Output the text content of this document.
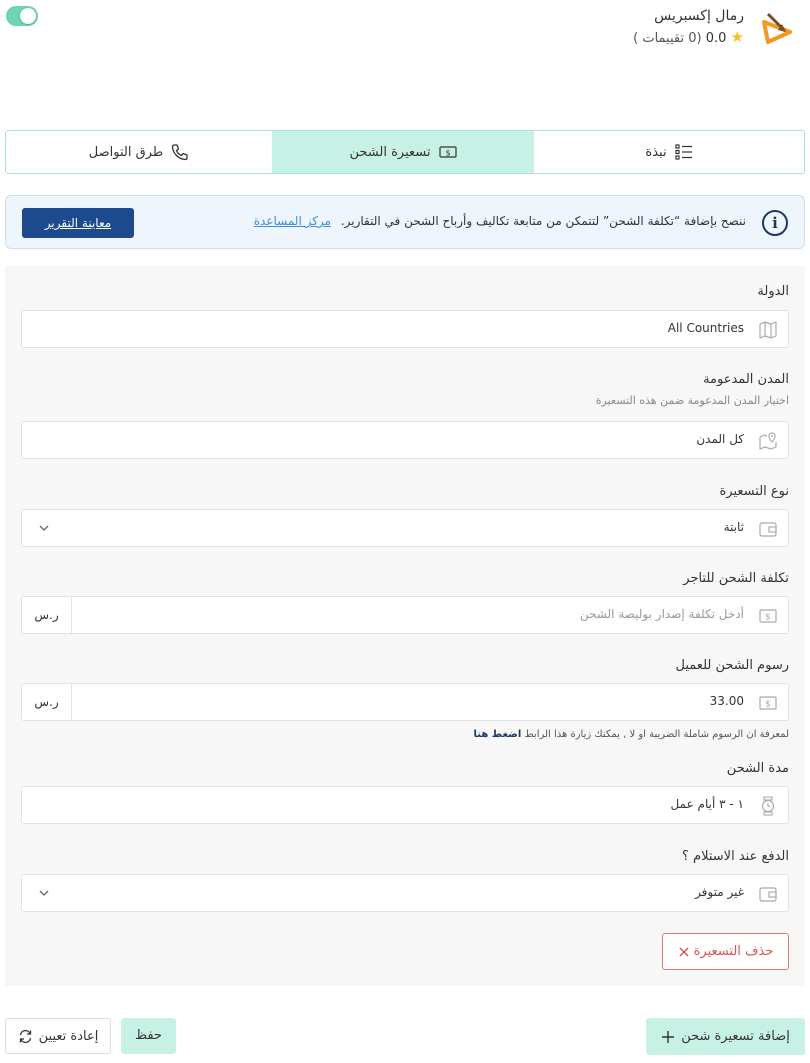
رمال إكسبريس
★ 0.0 (0 تقييمات )
نبذة
$
تسعيرة الشحن
طرق التواصل
i
ننصح بإضافة “تكلفة الشحن” لتتمكن من متابعة تكاليف وأرباح الشحن في التقارير. مركز المساعدة
معاينة التقرير
الدولة
All Countries
المدن المدعومة
اختيار المدن المدعومة ضمن هذه التسعيرة
كل المدن
نوع التسعيرة
ثابتة
تكلفة الشحن للتاجر
$
أدخل تكلفة إصدار بوليصة الشحن
ر.س
رسوم الشحن للعميل
$
33.00
ر.س
لمعرفة ان الرسوم شاملة الضريبة او لا , يمكنك زيارة هذا الرابط اضغط هنا
مدة الشحن
١ - ٣ أيام عمل
الدفع عند الاستلام ؟
غير متوفر
حذف التسعيرة
إضافة تسعيرة شحن
حفظ
إعادة تعيين
